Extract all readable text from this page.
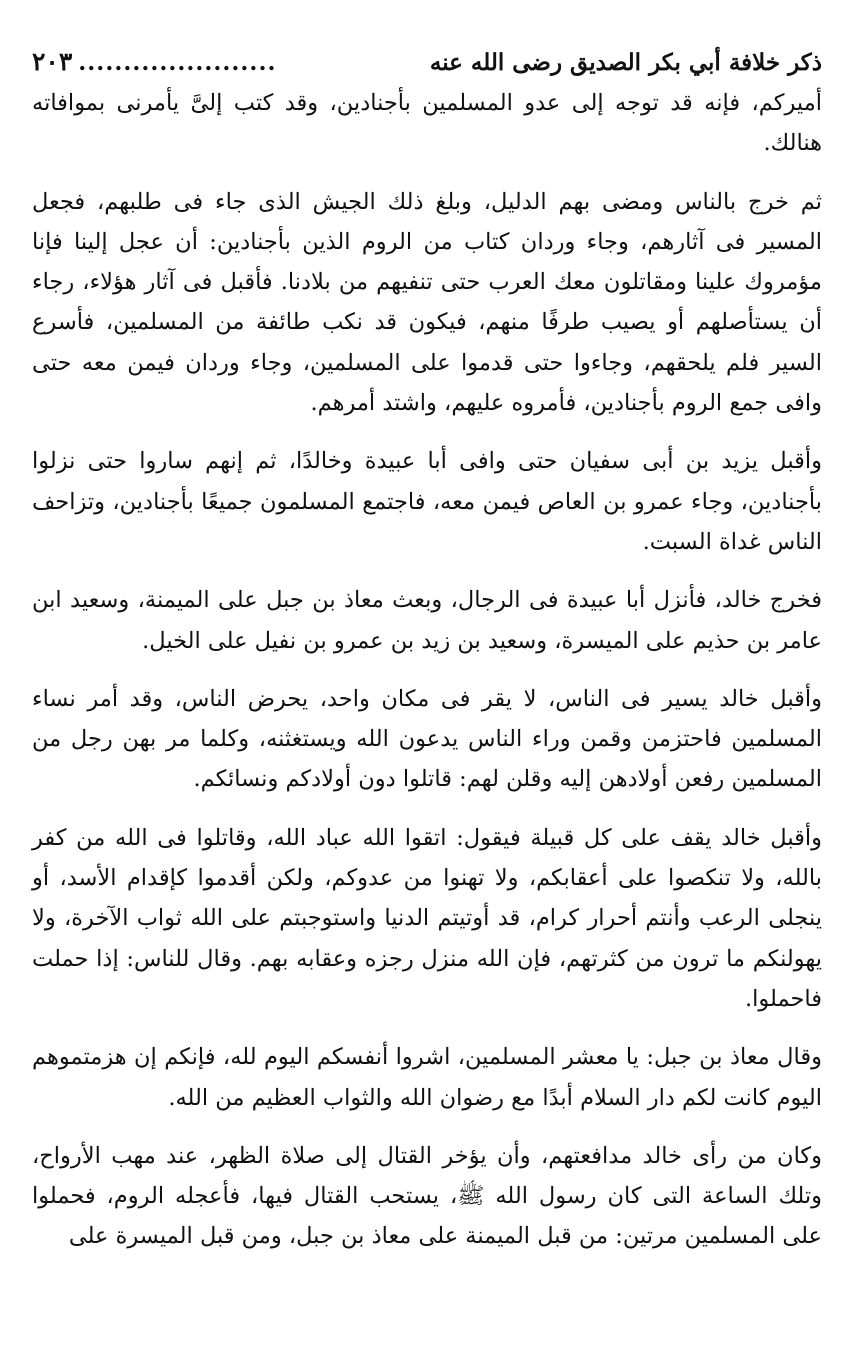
ذكر خلافة أبي بكر الصديق رضى الله عنه
......................
٢٠٣

أميركم، فإنه قد توجه إلى عدو المسلمين بأجنادين، وقد كتب إلىَّ يأمرنى بموافاته هنالك.

ثم خرج بالناس ومضى بهم الدليل، وبلغ ذلك الجيش الذى جاء فى طلبهم، فجعل المسير فى آثارهم، وجاء وردان كتاب من الروم الذين بأجنادين: أن عجل إلينا فإنا مؤمروك علينا ومقاتلون معك العرب حتى تنفيهم من بلادنا. فأقبل فى آثار هؤلاء، رجاء أن يستأصلهم أو يصيب طرفًا منهم، فيكون قد نكب طائفة من المسلمين، فأسرع السير فلم يلحقهم، وجاءوا حتى قدموا على المسلمين، وجاء وردان فيمن معه حتى وافى جمع الروم بأجنادين، فأمروه عليهم، واشتد أمرهم.

وأقبل يزيد بن أبى سفيان حتى وافى أبا عبيدة وخالدًا، ثم إنهم ساروا حتى نزلوا بأجنادين، وجاء عمرو بن العاص فيمن معه، فاجتمع المسلمون جميعًا بأجنادين، وتزاحف الناس غداة السبت.

فخرج خالد، فأنزل أبا عبيدة فى الرجال، وبعث معاذ بن جبل على الميمنة، وسعيد ابن عامر بن حذيم على الميسرة، وسعيد بن زيد بن عمرو بن نفيل على الخيل.

وأقبل خالد يسير فى الناس، لا يقر فى مكان واحد، يحرض الناس، وقد أمر نساء المسلمين فاحتزمن وقمن وراء الناس يدعون الله ويستغثنه، وكلما مر بهن رجل من المسلمين رفعن أولادهن إليه وقلن لهم: قاتلوا دون أولادكم ونسائكم.

وأقبل خالد يقف على كل قبيلة فيقول: اتقوا الله عباد الله، وقاتلوا فى الله من كفر بالله، ولا تنكصوا على أعقابكم، ولا تهنوا من عدوكم، ولكن أقدموا كإقدام الأسد، أو ينجلى الرعب وأنتم أحرار كرام، قد أوتيتم الدنيا واستوجبتم على الله ثواب الآخرة، ولا يهولنكم ما ترون من كثرتهم، فإن الله منزل رجزه وعقابه بهم. وقال للناس: إذا حملت فاحملوا.

وقال معاذ بن جبل: يا معشر المسلمين، اشروا أنفسكم اليوم لله، فإنكم إن هزمتموهم اليوم كانت لكم دار السلام أبدًا مع رضوان الله والثواب العظيم من الله.

وكان من رأى خالد مدافعتهم، وأن يؤخر القتال إلى صلاة الظهر، عند مهب الأرواح، وتلك الساعة التى كان رسول الله ﷺ، يستحب القتال فيها، فأعجله الروم، فحملوا على المسلمين مرتين: من قبل الميمنة على معاذ بن جبل، ومن قبل الميسرة على
